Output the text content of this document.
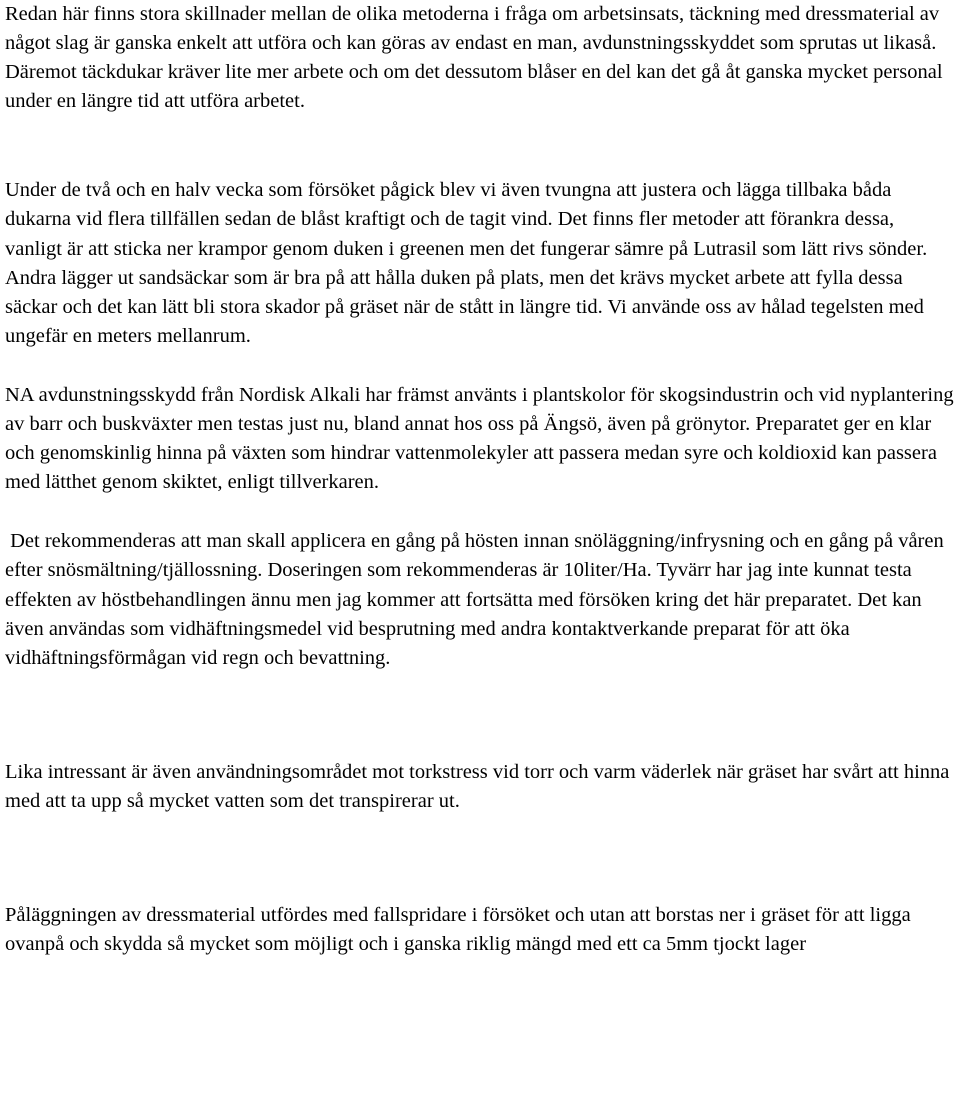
Redan här finns stora skillnader mellan de olika metoderna i fråga om arbetsinsats, täckning med dressmaterial av något slag är ganska enkelt att utföra och kan göras av endast en man, avdunstningsskyddet som sprutas ut likaså. Däremot täckdukar kräver lite mer arbete och om det dessutom blåser en del kan det gå åt ganska mycket personal under en längre tid att utföra arbetet.

Under de två och en halv vecka som försöket pågick blev vi även tvungna att justera och lägga tillbaka båda dukarna vid flera tillfällen sedan de blåst kraftigt och de tagit vind. Det finns fler metoder att förankra dessa, vanligt är att sticka ner krampor genom duken i greenen men det fungerar sämre på Lutrasil som lätt rivs sönder. Andra lägger ut sandsäckar som är bra på att hålla duken på plats, men det krävs mycket arbete att fylla dessa säckar och det kan lätt bli stora skador på gräset när de stått in längre tid. Vi använde oss av hålad tegelsten med ungefär en meters mellanrum.

NA avdunstningsskydd från Nordisk Alkali har främst använts i plantskolor för skogsindustrin och vid nyplantering av barr och buskväxter men testas just nu, bland annat hos oss på Ängsö, även på grönytor. Preparatet ger en klar och genomskinlig hinna på växten som hindrar vattenmolekyler att passera medan syre och koldioxid kan passera med lätthet genom skiktet, enligt tillverkaren.

Det rekommenderas att man skall applicera en gång på hösten innan snöläggning/infrysning och en gång på våren efter snösmältning/tjällossning. Doseringen som rekommenderas är 10liter/Ha. Tyvärr har jag inte kunnat testa effekten av höstbehandlingen ännu men jag kommer att fortsätta med försöken kring det här preparatet. Det kan även användas som vidhäftningsmedel vid besprutning med andra kontaktverkande preparat för att öka vidhäftningsförmågan vid regn och bevattning.

Lika intressant är även användningsområdet mot torkstress vid torr och varm väderlek när gräset har svårt att hinna med att ta upp så mycket vatten som det transpirerar ut.

Påläggningen av dressmaterial utfördes med fallspridare i försöket och utan att borstas ner i gräset för att ligga ovanpå och skydda så mycket som möjligt och i ganska riklig mängd med ett ca 5mm tjockt lager
